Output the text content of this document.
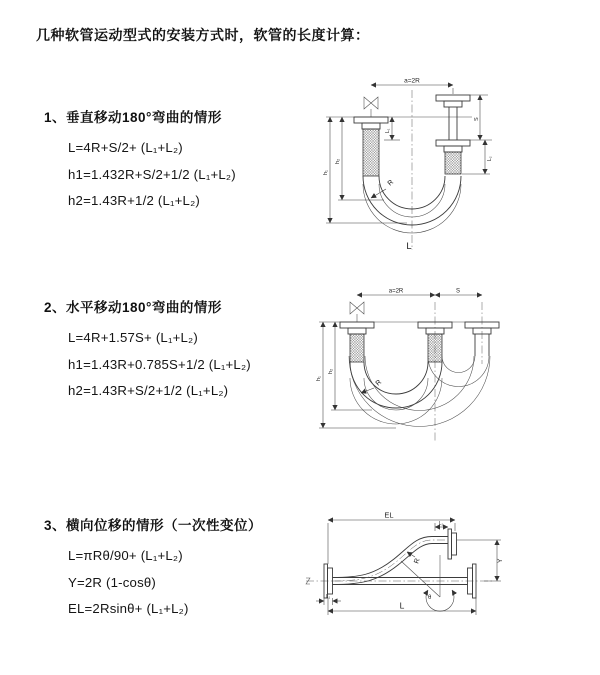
几种软管运动型式的安装方式时，软管的长度计算：
1、垂直移动180°弯曲的情形
L=4R+S/2+ (L₁+L₂)
h1=1.432R+S/2+1/2 (L₁+L₂)
h2=1.43R+1/2 (L₁+L₂)
2、水平移动180°弯曲的情形
L=4R+1.57S+ (L₁+L₂)
h1=1.43R+0.785S+1/2 (L₁+L₂)
h2=1.43R+S/2+1/2 (L₁+L₂)
3、横向位移的情形（一次性变位）
L=πRθ/90+ (L₁+L₂)
Y=2R (1-cosθ)
EL=2Rsinθ+ (L₁+L₂)
a=2R
h₁
h₂
L₁
S
L₂
R
L
a=2R	S
h₁
h₂
R
EL
L₁
Y
θ
R
L
L₁
